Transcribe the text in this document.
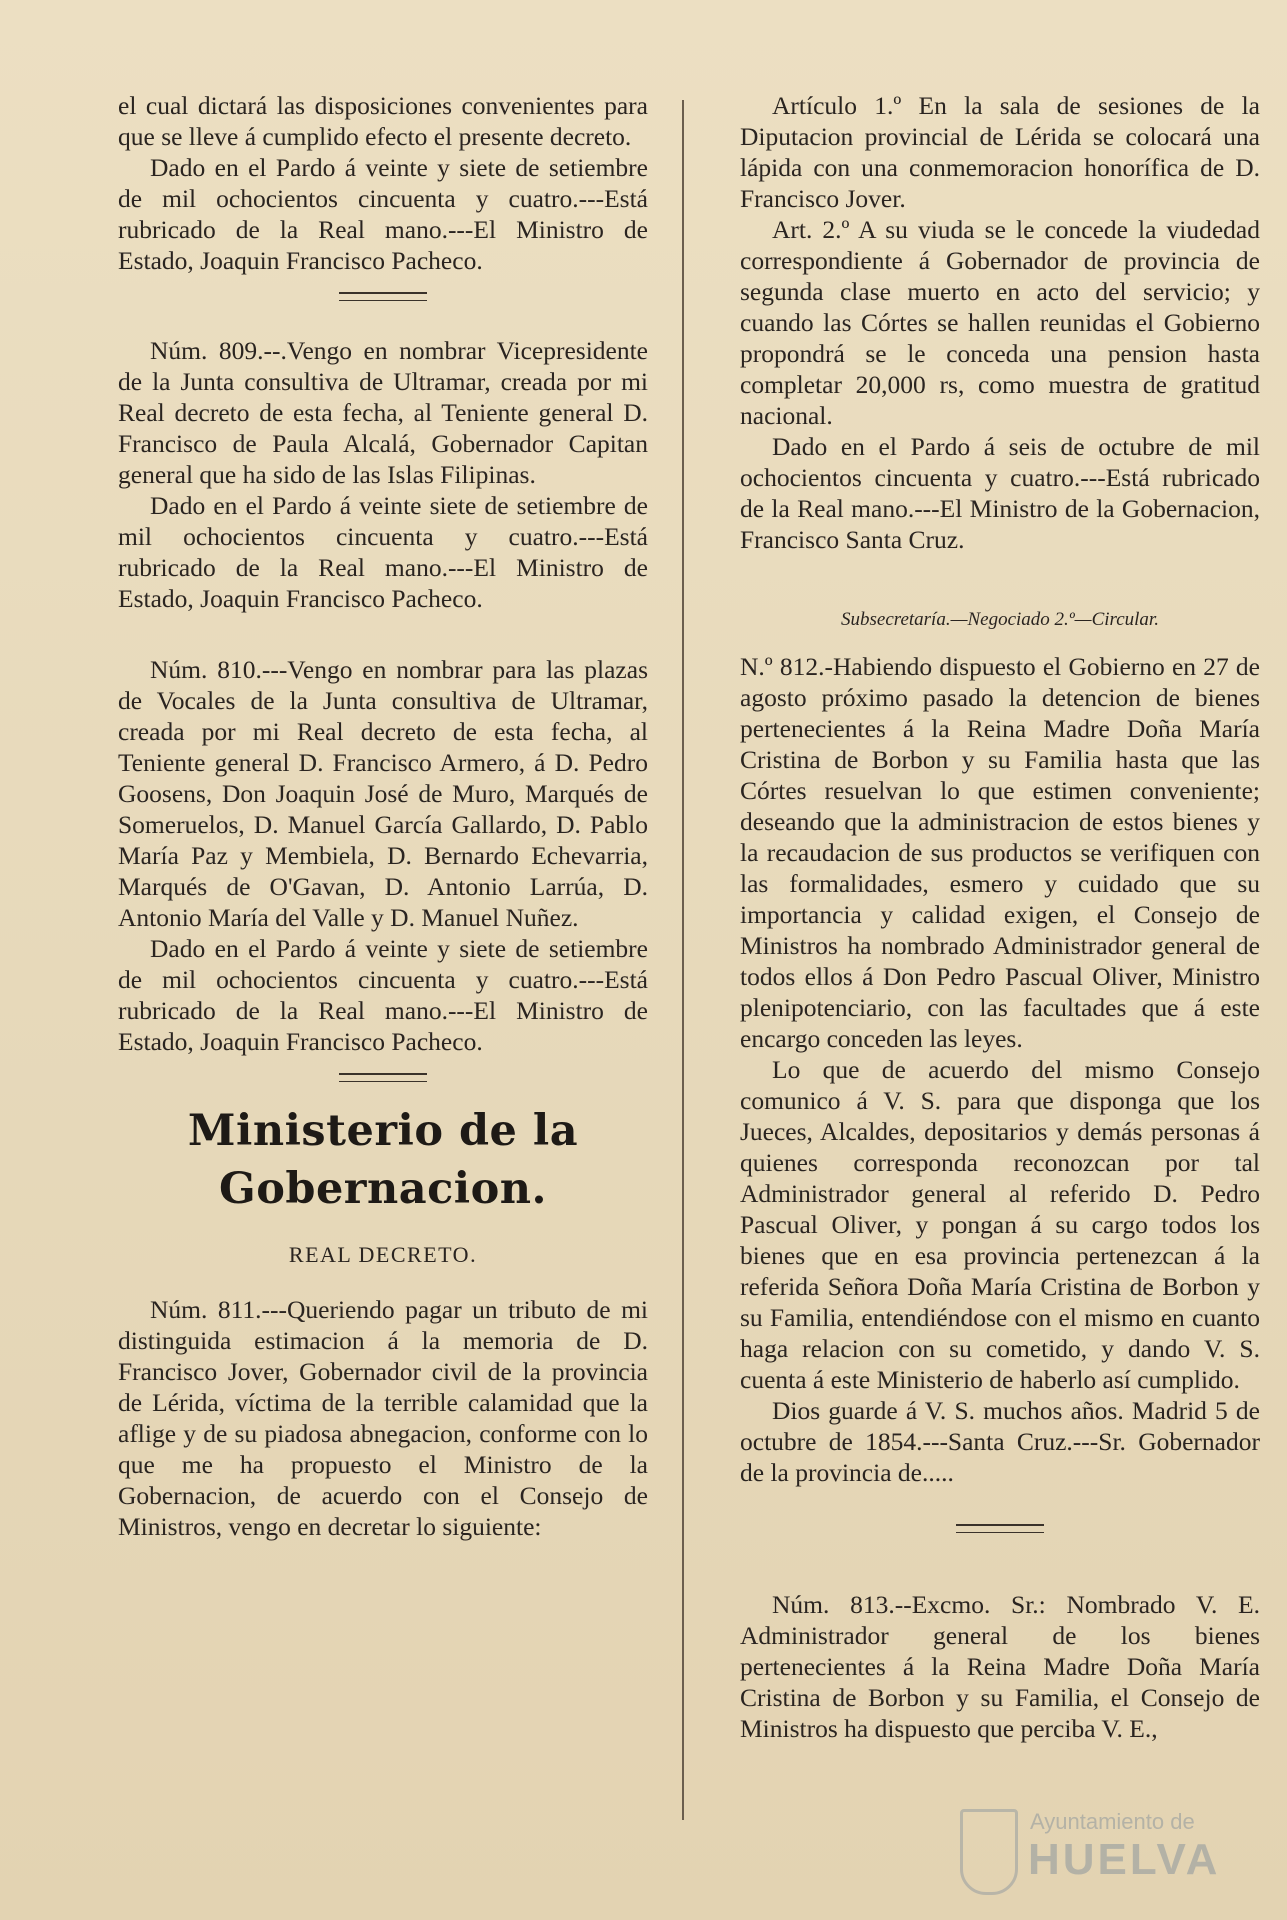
el cual dictará las disposiciones convenientes para que se lleve á cumplido efecto el presente decreto.

Dado en el Pardo á veinte y siete de setiembre de mil ochocientos cincuenta y cuatro.---Está rubricado de la Real mano.---El Ministro de Estado, Joaquin Francisco Pacheco.

Núm. 809.--.Vengo en nombrar Vicepresidente de la Junta consultiva de Ultramar, creada por mi Real decreto de esta fecha, al Teniente general D. Francisco de Paula Alcalá, Gobernador Capitan general que ha sido de las Islas Filipinas.

Dado en el Pardo á veinte siete de setiembre de mil ochocientos cincuenta y cuatro.---Está rubricado de la Real mano.---El Ministro de Estado, Joaquin Francisco Pacheco.

Núm. 810.---Vengo en nombrar para las plazas de Vocales de la Junta consultiva de Ultramar, creada por mi Real decreto de esta fecha, al Teniente general D. Francisco Armero, á D. Pedro Goosens, Don Joaquin José de Muro, Marqués de Someruelos, D. Manuel García Gallardo, D. Pablo María Paz y Membiela, D. Bernardo Echevarria, Marqués de O'Gavan, D. Antonio Larrúa, D. Antonio María del Valle y D. Manuel Nuñez.

Dado en el Pardo á veinte y siete de setiembre de mil ochocientos cincuenta y cuatro.---Está rubricado de la Real mano.---El Ministro de Estado, Joaquin Francisco Pacheco.

Ministerio de la Gobernacion.
REAL DECRETO.

Núm. 811.---Queriendo pagar un tributo de mi distinguida estimacion á la memoria de D. Francisco Jover, Gobernador civil de la provincia de Lérida, víctima de la terrible calamidad que la aflige y de su piadosa abnegacion, conforme con lo que me ha propuesto el Ministro de la Gobernacion, de acuerdo con el Consejo de Ministros, vengo en decretar lo siguiente:

Artículo 1.º En la sala de sesiones de la Diputacion provincial de Lérida se colocará una lápida con una conmemoracion honorífica de D. Francisco Jover.

Art. 2.º A su viuda se le concede la viudedad correspondiente á Gobernador de provincia de segunda clase muerto en acto del servicio; y cuando las Córtes se hallen reunidas el Gobierno propondrá se le conceda una pension hasta completar 20,000 rs, como muestra de gratitud nacional.

Dado en el Pardo á seis de octubre de mil ochocientos cincuenta y cuatro.---Está rubricado de la Real mano.---El Ministro de la Gobernacion, Francisco Santa Cruz.

Subsecretaría.—Negociado 2.º—Circular.

N.º 812.-Habiendo dispuesto el Gobierno en 27 de agosto próximo pasado la detencion de bienes pertenecientes á la Reina Madre Doña María Cristina de Borbon y su Familia hasta que las Córtes resuelvan lo que estimen conveniente; deseando que la administracion de estos bienes y la recaudacion de sus productos se verifiquen con las formalidades, esmero y cuidado que su importancia y calidad exigen, el Consejo de Ministros ha nombrado Administrador general de todos ellos á Don Pedro Pascual Oliver, Ministro plenipotenciario, con las facultades que á este encargo conceden las leyes.

Lo que de acuerdo del mismo Consejo comunico á V. S. para que disponga que los Jueces, Alcaldes, depositarios y demás personas á quienes corresponda reconozcan por tal Administrador general al referido D. Pedro Pascual Oliver, y pongan á su cargo todos los bienes que en esa provincia pertenezcan á la referida Señora Doña María Cristina de Borbon y su Familia, entendiéndose con el mismo en cuanto haga relacion con su cometido, y dando V. S. cuenta á este Ministerio de haberlo así cumplido.

Dios guarde á V. S. muchos años. Madrid 5 de octubre de 1854.---Santa Cruz.---Sr. Gobernador de la provincia de.....

Núm. 813.--Excmo. Sr.: Nombrado V. E. Administrador general de los bienes pertenecientes á la Reina Madre Doña María Cristina de Borbon y su Familia, el Consejo de Ministros ha dispuesto que perciba V. E.,

Ayuntamiento de
HUELVA
